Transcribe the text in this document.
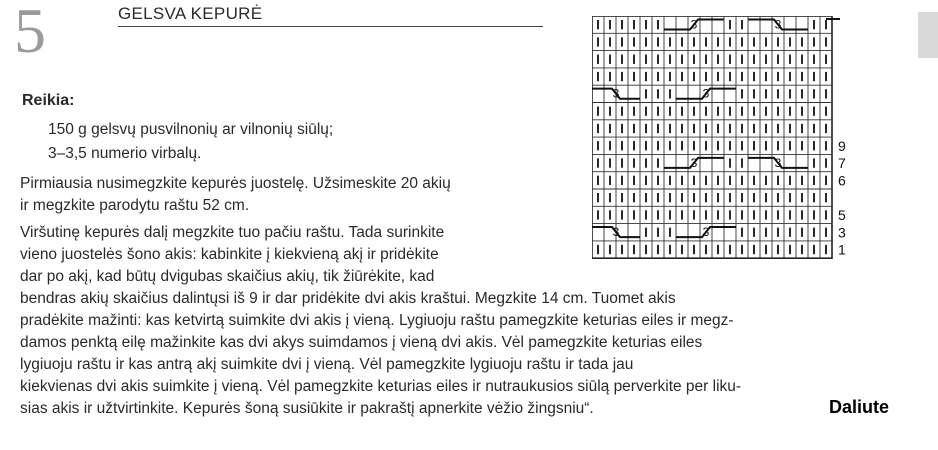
5	GELSVA KEPURĖ
Reikia:
150 g gelsvų pusvilnonių ar vilnonių siūlų;
3–3,5 numerio virbalų.

Pirmiausia nusimegzkite kepurės juostelę. Užsimeskite 20 akių
ir megzkite parodytu raštu 52 cm.

Viršutinę kepurės dalį megzkite tuo pačiu raštu. Tada surinkite
vieno juostelės šono akis: kabinkite į kiekvieną akį ir pridėkite
dar po akį, kad būtų dvigubas skaičius akių, tik žiūrėkite, kad

bendras akių skaičius dalintųsi iš 9 ir dar pridėkite dvi akis kraštui. Megzkite 14 cm. Tuomet akis
pradėkite mažinti: kas ketvirtą suimkite dvi akis į vieną. Lygiuoju raštu pamegzkite keturias eiles ir megz-
damos penktą eilę mažinkite kas dvi akys suimdamos į vieną dvi akis. Vėl pamegzkite keturias eiles
lygiuoju raštu ir kas antrą akį suimkite dvi į vieną. Vėl pamegzkite lygiuoju raštu ir tada jau
kiekvienas dvi akis suimkite į vieną. Vėl pamegzkite keturias eiles ir nutraukusios siūlą perverkite per liku-
sias akis ir užtvirtinkite. Kepurės šoną susiūkite ir pakraštį apnerkite vėžio žingsniu“.

3	3
3	3
3	3
3	3
9
7
6
5
3
1
Daliute
